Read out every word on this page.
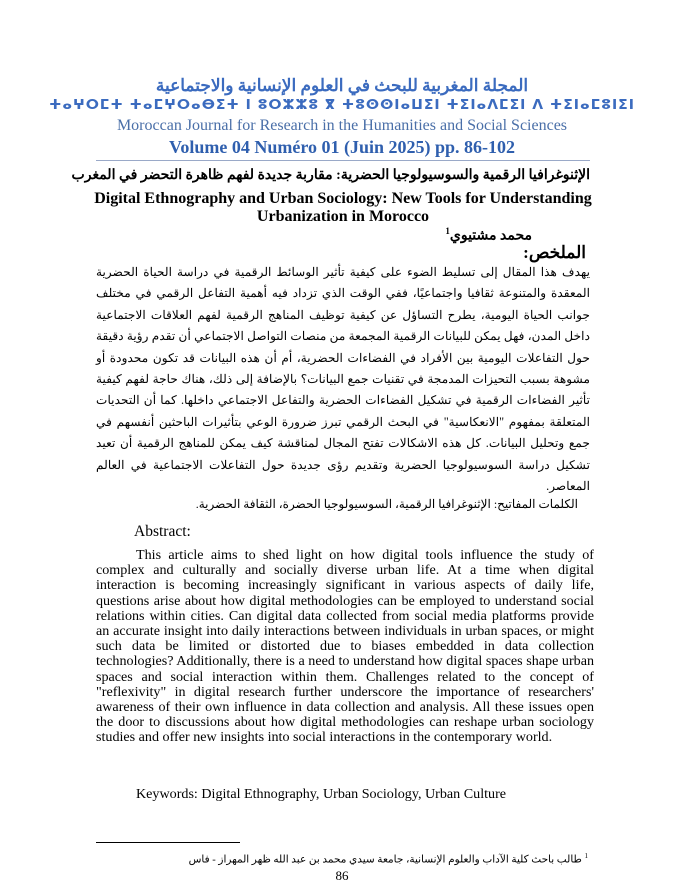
المجلة المغربية للبحث في العلوم الإنسانية والاجتماعية
ⵜⴰⵖⵔⵎⵜ ⵜⴰⵎⵖⵔⴰⴱⵉⵜ ⵏ ⵓⵔⵣⵣⵓ ⴳ ⵜⵓⵙⵙⵏⴰⵡⵉⵏ ⵜⵉⵏⴰⴷⵎⵉⵏ ⴷ ⵜⵉⵏⴰⵎⵓⵏⵉⵏ
Moroccan Journal for Research in the Humanities and Social Sciences
Volume 04 Numéro 01 (Juin 2025) pp. 86-102
الإثنوغرافيا الرقمية والسوسيولوجيا الحضرية: مقاربة جديدة لفهم ظاهرة التحضر في المغرب
Digital Ethnography and Urban Sociology: New Tools for Understanding Urbanization in Morocco
محمد مشتيوي$^1$
الملخص:
يهدف هذا المقال إلى تسليط الضوء على كيفية تأثير الوسائط الرقمية في دراسة الحياة الحضرية المعقدة والمتنوعة ثقافيا واجتماعيًا، ففي الوقت الذي تزداد فيه أهمية التفاعل الرقمي في مختلف جوانب الحياة اليومية، يطرح التساؤل عن كيفية توظيف المناهج الرقمية لفهم العلاقات الاجتماعية داخل المدن، فهل يمكن للبيانات الرقمية المجمعة من منصات التواصل الاجتماعي أن تقدم رؤية دقيقة حول التفاعلات اليومية بين الأفراد في الفضاءات الحضرية، أم أن هذه البيانات قد تكون محدودة أو مشوهة بسبب التحيزات المدمجة في تقنيات جمع البيانات؟ بالإضافة إلى ذلك، هناك حاجة لفهم كيفية تأثير الفضاءات الرقمية في تشكيل الفضاءات الحضرية والتفاعل الاجتماعي داخلها. كما أن التحديات المتعلقة بمفهوم "الانعكاسية" في البحث الرقمي تبرز ضرورة الوعي بتأثيرات الباحثين أنفسهم في جمع وتحليل البيانات. كل هذه الاشكالات تفتح المجال لمناقشة كيف يمكن للمناهج الرقمية أن تعيد تشكيل دراسة السوسيولوجيا الحضرية وتقديم رؤى جديدة حول التفاعلات الاجتماعية في العالم المعاصر.
الكلمات المفاتيح: الإثنوغرافيا الرقمية، السوسيولوجيا الحضرة، الثقافة الحضرية.
Abstract:
This article aims to shed light on how digital tools influence the study of complex and culturally and socially diverse urban life. At a time when digital interaction is becoming increasingly significant in various aspects of daily life, questions arise about how digital methodologies can be employed to understand social relations within cities. Can digital data collected from social media platforms provide an accurate insight into daily interactions between individuals in urban spaces, or might such data be limited or distorted due to biases embedded in data collection technologies? Additionally, there is a need to understand how digital spaces shape urban spaces and social interaction within them. Challenges related to the concept of "reflexivity" in digital research further underscore the importance of researchers' awareness of their own influence in data collection and analysis. All these issues open the door to discussions about how digital methodologies can reshape urban sociology studies and offer new insights into social interactions in the contemporary world.
Keywords: Digital Ethnography, Urban Sociology, Urban Culture
$^1$ طالب باحث كلية الآداب والعلوم الإنسانية، جامعة سيدي محمد بن عبد الله ظهر المهراز - فاس
86
